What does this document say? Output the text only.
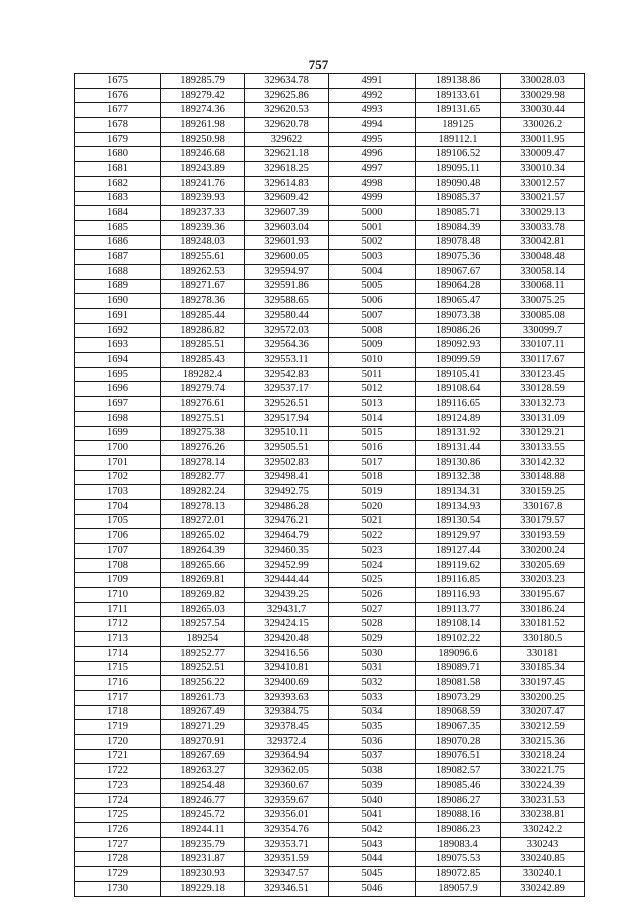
757
1675	189285.79	329634.78	4991	189138.86	330028.03
1676	189279.42	329625.86	4992	189133.61	330029.98
1677	189274.36	329620.53	4993	189131.65	330030.44
1678	189261.98	329620.78	4994	189125	330026.2
1679	189250.98	329622	4995	189112.1	330011.95
1680	189246.68	329621.18	4996	189106.52	330009.47
1681	189243.89	329618.25	4997	189095.11	330010.34
1682	189241.76	329614.83	4998	189090.48	330012.57
1683	189239.93	329609.42	4999	189085.37	330021.57
1684	189237.33	329607.39	5000	189085.71	330029.13
1685	189239.36	329603.04	5001	189084.39	330033.78
1686	189248.03	329601.93	5002	189078.48	330042.81
1687	189255.61	329600.05	5003	189075.36	330048.48
1688	189262.53	329594.97	5004	189067.67	330058.14
1689	189271.67	329591.86	5005	189064.28	330068.11
1690	189278.36	329588.65	5006	189065.47	330075.25
1691	189285.44	329580.44	5007	189073.38	330085.08
1692	189286.82	329572.03	5008	189086.26	330099.7
1693	189285.51	329564.36	5009	189092.93	330107.11
1694	189285.43	329553.11	5010	189099.59	330117.67
1695	189282.4	329542.83	5011	189105.41	330123.45
1696	189279.74	329537.17	5012	189108.64	330128.59
1697	189276.61	329526.51	5013	189116.65	330132.73
1698	189275.51	329517.94	5014	189124.89	330131.09
1699	189275.38	329510.11	5015	189131.92	330129.21
1700	189276.26	329505.51	5016	189131.44	330133.55
1701	189278.14	329502.83	5017	189130.86	330142.32
1702	189282.77	329498.41	5018	189132.38	330148.88
1703	189282.24	329492.75	5019	189134.31	330159.25
1704	189278.13	329486.28	5020	189134.93	330167.8
1705	189272.01	329476.21	5021	189130.54	330179.57
1706	189265.02	329464.79	5022	189129.97	330193.59
1707	189264.39	329460.35	5023	189127.44	330200.24
1708	189265.66	329452.99	5024	189119.62	330205.69
1709	189269.81	329444.44	5025	189116.85	330203.23
1710	189269.82	329439.25	5026	189116.93	330195.67
1711	189265.03	329431.7	5027	189113.77	330186.24
1712	189257.54	329424.15	5028	189108.14	330181.52
1713	189254	329420.48	5029	189102.22	330180.5
1714	189252.77	329416.56	5030	189096.6	330181
1715	189252.51	329410.81	5031	189089.71	330185.34
1716	189256.22	329400.69	5032	189081.58	330197.45
1717	189261.73	329393.63	5033	189073.29	330200.25
1718	189267.49	329384.75	5034	189068.59	330207.47
1719	189271.29	329378.45	5035	189067.35	330212.59
1720	189270.91	329372.4	5036	189070.28	330215.36
1721	189267.69	329364.94	5037	189076.51	330218.24
1722	189263.27	329362.05	5038	189082.57	330221.75
1723	189254.48	329360.67	5039	189085.46	330224.39
1724	189246.77	329359.67	5040	189086.27	330231.53
1725	189245.72	329356.01	5041	189088.16	330238.81
1726	189244.11	329354.76	5042	189086.23	330242.2
1727	189235.79	329353.71	5043	189083.4	330243
1728	189231.87	329351.59	5044	189075.53	330240.85
1729	189230.93	329347.57	5045	189072.85	330240.1
1730	189229.18	329346.51	5046	189057.9	330242.89
